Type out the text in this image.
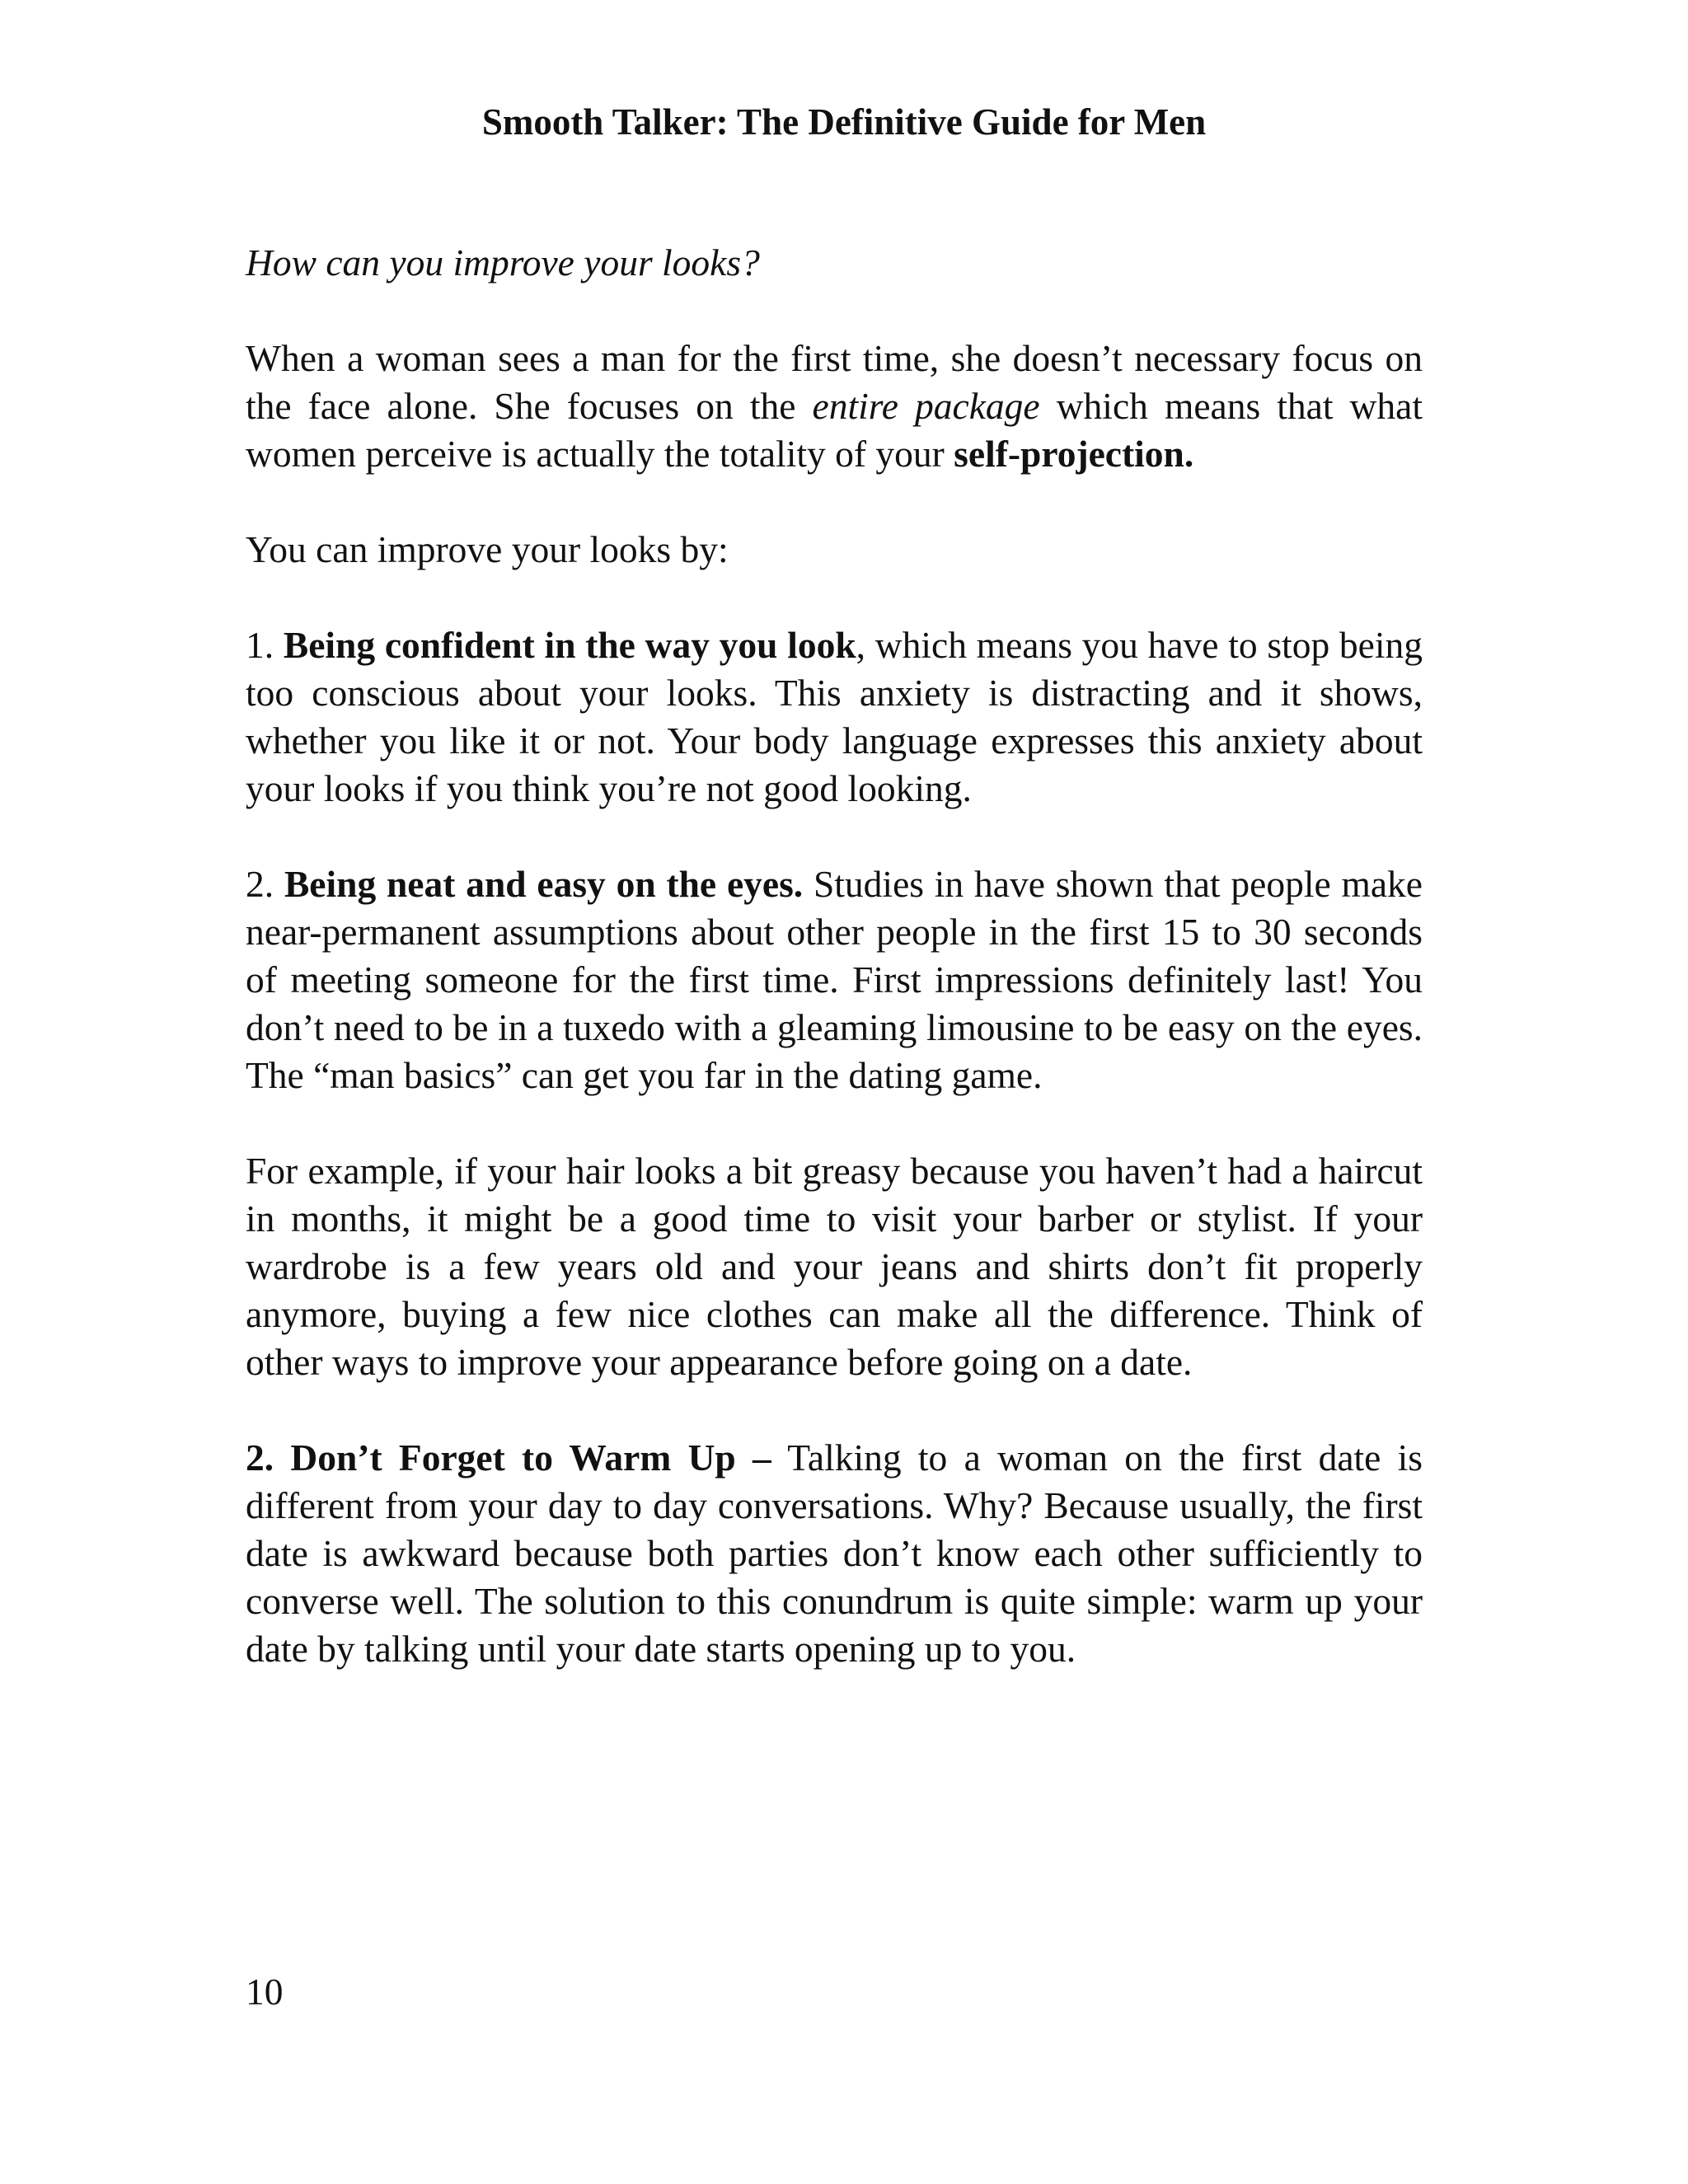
Smooth Talker: The Definitive Guide for Men

How can you improve your looks?

When a woman sees a man for the first time, she doesn’t necessary focus on the face alone. She focuses on the entire package which means that what women perceive is actually the totality of your self-projection.

You can improve your looks by:

1. Being confident in the way you look, which means you have to stop being too conscious about your looks. This anxiety is distracting and it shows, whether you like it or not. Your body language expresses this anxiety about your looks if you think you’re not good looking.

2. Being neat and easy on the eyes. Studies in have shown that people make near-permanent assumptions about other people in the first 15 to 30 seconds of meeting someone for the first time. First impressions definitely last! You don’t need to be in a tuxedo with a gleaming limousine to be easy on the eyes. The “man basics” can get you far in the dating game.

For example, if your hair looks a bit greasy because you haven’t had a haircut in months, it might be a good time to visit your barber or stylist. If your wardrobe is a few years old and your jeans and shirts don’t fit properly anymore, buying a few nice clothes can make all the difference. Think of other ways to improve your appearance before going on a date.

2. Don’t Forget to Warm Up – Talking to a woman on the first date is different from your day to day conversations. Why? Because usually, the first date is awkward because both parties don’t know each other sufficiently to converse well. The solution to this conundrum is quite simple: warm up your date by talking until your date starts opening up to you.

10
